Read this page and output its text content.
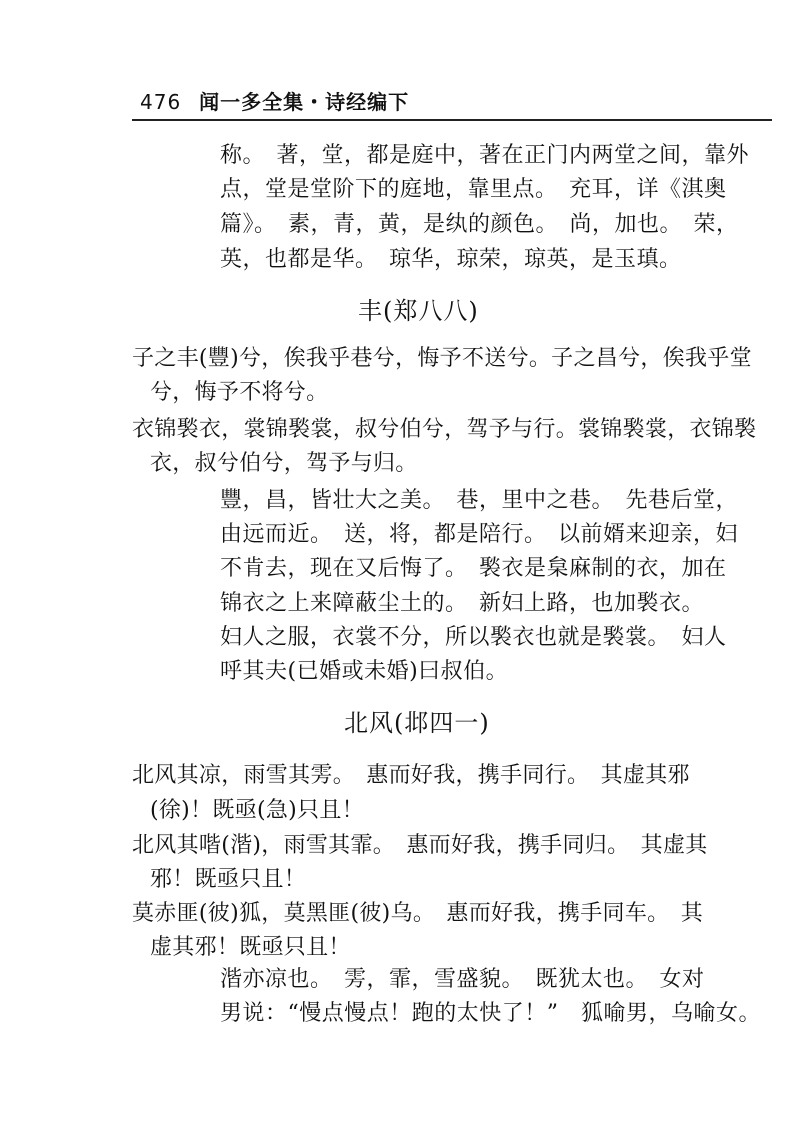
476 闻一多全集・诗经编下
称。　著，堂，都是庭中，著在正门内两堂之间，靠外
点，堂是堂阶下的庭地，靠里点。　充耳，详《淇奥
篇》。　素，青，黄，是纨的颜色。　尚，加也。　荣，
英，也都是华。　琼华，琼荣，琼英，是玉瑱。
丰(郑八八)
子之丰(豐)兮，俟我乎巷兮，悔予不送兮。子之昌兮，俟我乎堂
兮，悔予不将兮。
衣锦褧衣，裳锦褧裳，叔兮伯兮，驾予与行。裳锦褧裳，衣锦褧
衣，叔兮伯兮，驾予与归。
豐，昌，皆壮大之美。　巷，里中之巷。　先巷后堂，
由远而近。　送，将，都是陪行。　以前婿来迎亲，妇
不肯去，现在又后悔了。　褧衣是枲麻制的衣，加在
锦衣之上来障蔽尘土的。　新妇上路，也加褧衣。
妇人之服，衣裳不分，所以褧衣也就是褧裳。　妇人
呼其夫(已婚或未婚)曰叔伯。
北风(邶四一)
北风其凉，雨雪其雱。　惠而好我，携手同行。　其虚其邪
(徐)！既亟(急)只且！
北风其喈(湝)，雨雪其霏。　惠而好我，携手同归。　其虚其
邪！既亟只且！
莫赤匪(彼)狐，莫黑匪(彼)乌。　惠而好我，携手同车。　其
虚其邪！既亟只且！
湝亦凉也。　雱，霏，雪盛貌。　既犹太也。　女对
男说：“慢点慢点！跑的太快了！”　狐喻男，乌喻女。
